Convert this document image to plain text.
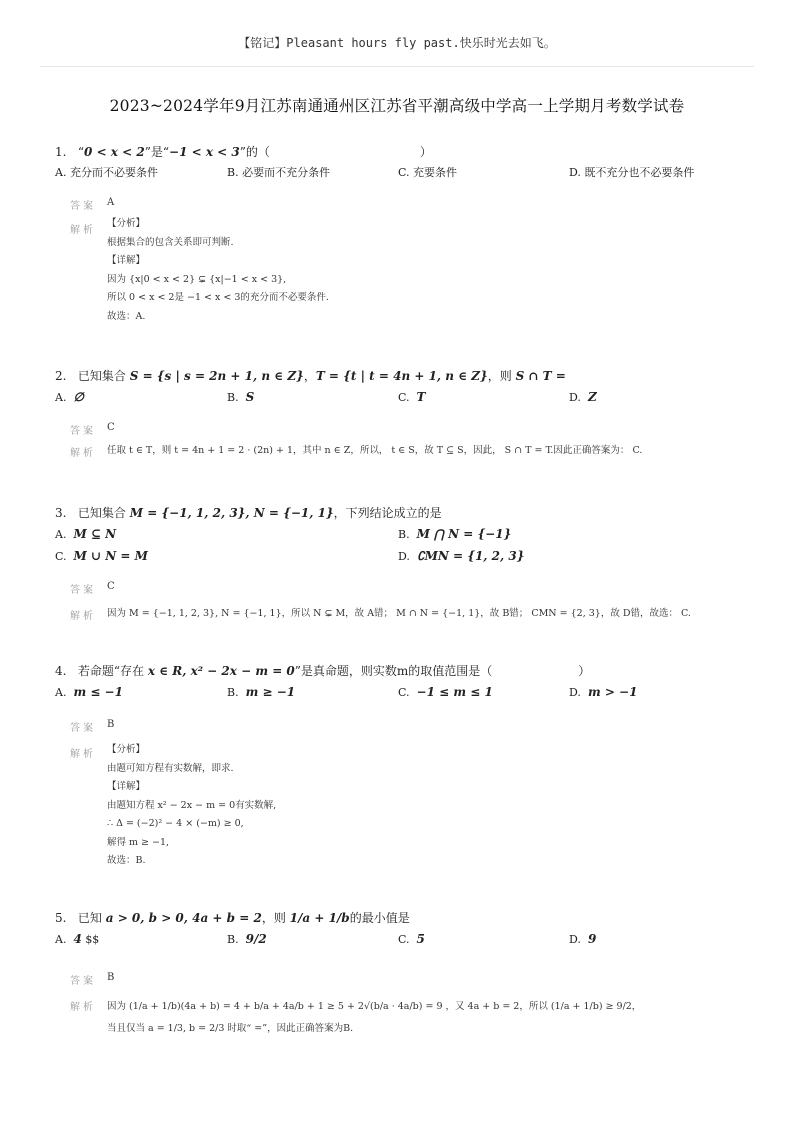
【铭记】Pleasant hours fly past.快乐时光去如飞。
2023~2024学年9月江苏南通通州区江苏省平潮高级中学高一上学期月考数学试卷
1. “0 < x < 2”是“−1 < x < 3”的（	）
A. 充分而不必要条件	B. 必要而不充分条件	C. 充要条件	D. 既不充分也不必要条件
答案 A
解析
【分析】
根据集合的包含关系即可判断.
【详解】
因为 {x|0 < x < 2} ⊊ {x|−1 < x < 3},
所以 0 < x < 2是 −1 < x < 3的充分而不必要条件.
故选：A.
2. 已知集合 S = {s | s = 2n + 1, n ∈ Z}，T = {t | t = 4n + 1, n ∈ Z}，则 S ∩ T =
A. ∅	B. S	C. T	D. Z
答案 C
解析 任取 t ∈ T，则 t = 4n + 1 = 2 · (2n) + 1，其中 n ∈ Z，所以， t ∈ S，故 T ⊆ S，因此， S ∩ T = T.因此正确答案为： C.
3. 已知集合 M = {−1, 1, 2, 3}, N = {−1, 1}，下列结论成立的是
A. M ⊆ N	B. M ⋂ N = {−1}
C. M ∪ N = M	D. ∁MN = {1, 2, 3}
答案 C
解析 因为 M = {−1, 1, 2, 3}, N = {−1, 1}，所以 N ⊊ M，故 A错； M ∩ N = {−1, 1}，故 B错； CMN = {2, 3}，故 D错，故选： C.
4. 若命题“存在 x ∈ R, x² − 2x − m = 0”是真命题，则实数m的取值范围是（	）
A. m ≤ −1	B. m ≥ −1	C. −1 ≤ m ≤ 1	D. m > −1
答案 B
解析 【分析】
由题可知方程有实数解，即求.
【详解】
由题知方程 x² − 2x − m = 0有实数解,
∴ Δ = (−2)² − 4 × (−m) ≥ 0,
解得 m ≥ −1,
故选：B.
5. 已知 a > 0, b > 0, 4a + b = 2，则 1/a + 1/b的最小值是
A. 4 $$	B. 9/2	C. 5	D. 9
答案 B
解析 因为 (1/a + 1/b)(4a + b) = 4 + b/a + 4a/b + 1 ≥ 5 + 2√(b/a · 4a/b) = 9 ，又 4a + b = 2，所以 (1/a + 1/b) ≥ 9/2，
当且仅当 a = 1/3, b = 2/3 时取“ =”，因此正确答案为B.
